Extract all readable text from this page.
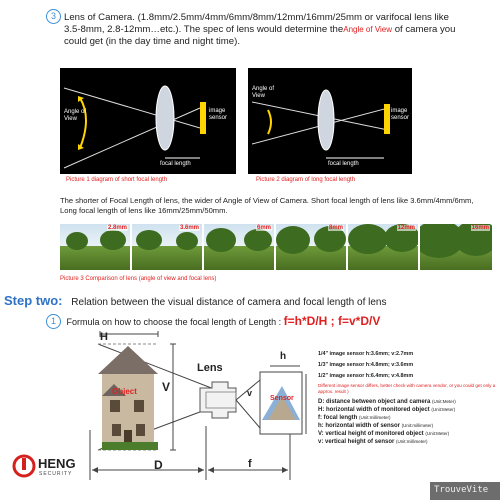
3 Lens of Camera. (1.8mm/2.5mm/4mm/6mm/8mm/12mm/16mm/25mm or varifocal lens like
3.5-8mm, 2.8-12mm…etc.). The spec of lens would determine theAngle of View of camera you
could get (in the day time and night time).
Angle of View
image sensor
focal length
Picture 1 diagram of short focal length
Angle of View
image sensor
focal length
Picture 2 diagram of long focal length
The shorter of Focal Length of lens, the wider of Angle of View of Camera. Short focal length of lens like 3.6mm/4mm/6mm,
Long focal length of lens like 16mm/25mm/50mm.
2.8mm	3.6mm	6mm	8mm	12mm	16mm
Picture 3 Comparison of lens (angle of view and focal lens)
Step two: Relation between the visual distance of camera and focal length of lens
1 Formula on how to choose the focal length of Length : f=h*D/H ; f=v*D/V
H
V
Object
Lens
h
v
Sensor
D	f
1/4" image sensor h:3.6mm; v:2.7mm
1/3" image sensor h:4.8mm; v:3.6mm
1/2" image sensor h:6.4mm; v:4.8mm
Different image sensor differs, better check with camera vendor, or you could get only a approx. result )
D: distance between object and camera (Unit:Meter)
H: horizontal width of monitored object (Unit:Meter)
f: focal length (Unit:millimeter)
h: horizontal width of sensor (Unit:millimeter)
V: vertical height of monitored object (Unit:Meter)
v: vertical height of sensor (Unit:millimeter)
HENG
SECURITY
TrouveVite
